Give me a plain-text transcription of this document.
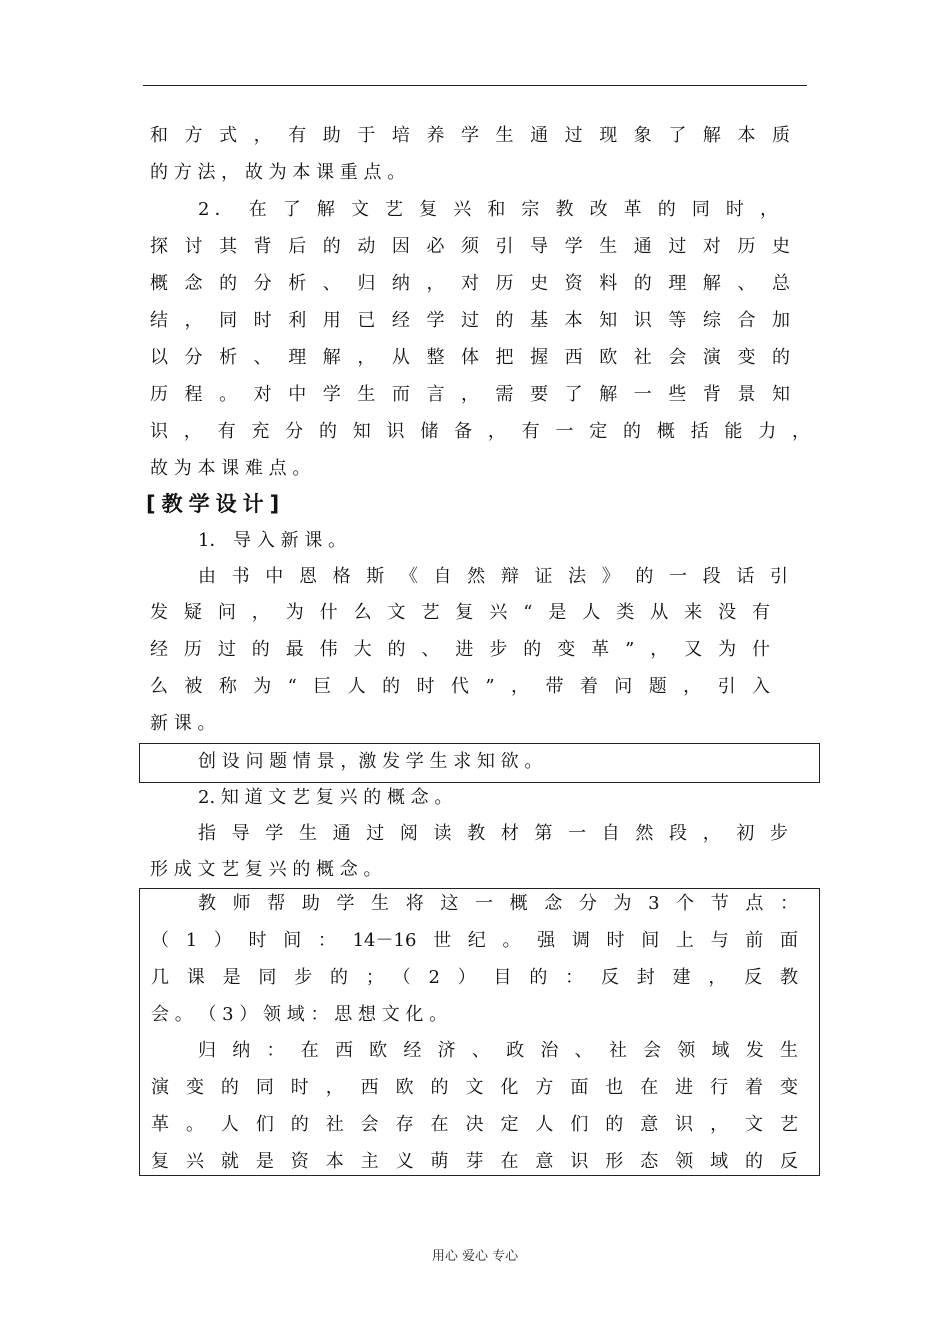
和方式，有助于培养学生通过现象了解本质
的 方 法 ， 故 为 本 课 重 点 。
2． 在 了 解 文 艺 复 兴 和 宗 教 改 革 的 同 时 ，
探讨其背后的动因必须引导学生通过对历史
概念的分析、归纳，对历史资料的理解、总
结，同时利用已经学过的基本知识等综合加
以分析、理解，从整体把握西欧社会演变的
历程。对中学生而言，需要了解一些背景知
识，有充分的知识储备，有一定的概括能力，
故 为 本 课 难 点 。
[教学设计]
1． 导 入 新 课 。
由书中恩格斯《自然辩证法》的一段话引
发疑问，为什么文艺复兴“是人类从来没有
经历过的最伟大的、进步的变革”，又为什
么被称为“巨人的时代”，带着问题，引入
新 课 。
创 设 问 题 情 景 ，激 发 学 生 求 知 欲 。
2. 知 道 文 艺 复 兴 的 概 念 。
指导学生通过阅读教材第一自然段，初步
形 成 文 艺 复 兴 的 概 念 。
教师帮助学生将这一概念分为3个节点：
（1）时间：14－16世纪。强调时间上与前面
几课是同步的；（2）目的：反封建，反教
会 。 （ 3 ） 领 域 ： 思 想 文 化 。
归纳：在西欧经济、政治、社会领域发生
演变的同时，西欧的文化方面也在进行着变
革。人们的社会存在决定人们的意识，文艺
复兴就是资本主义萌芽在意识形态领域的反
用心 爱心 专心
